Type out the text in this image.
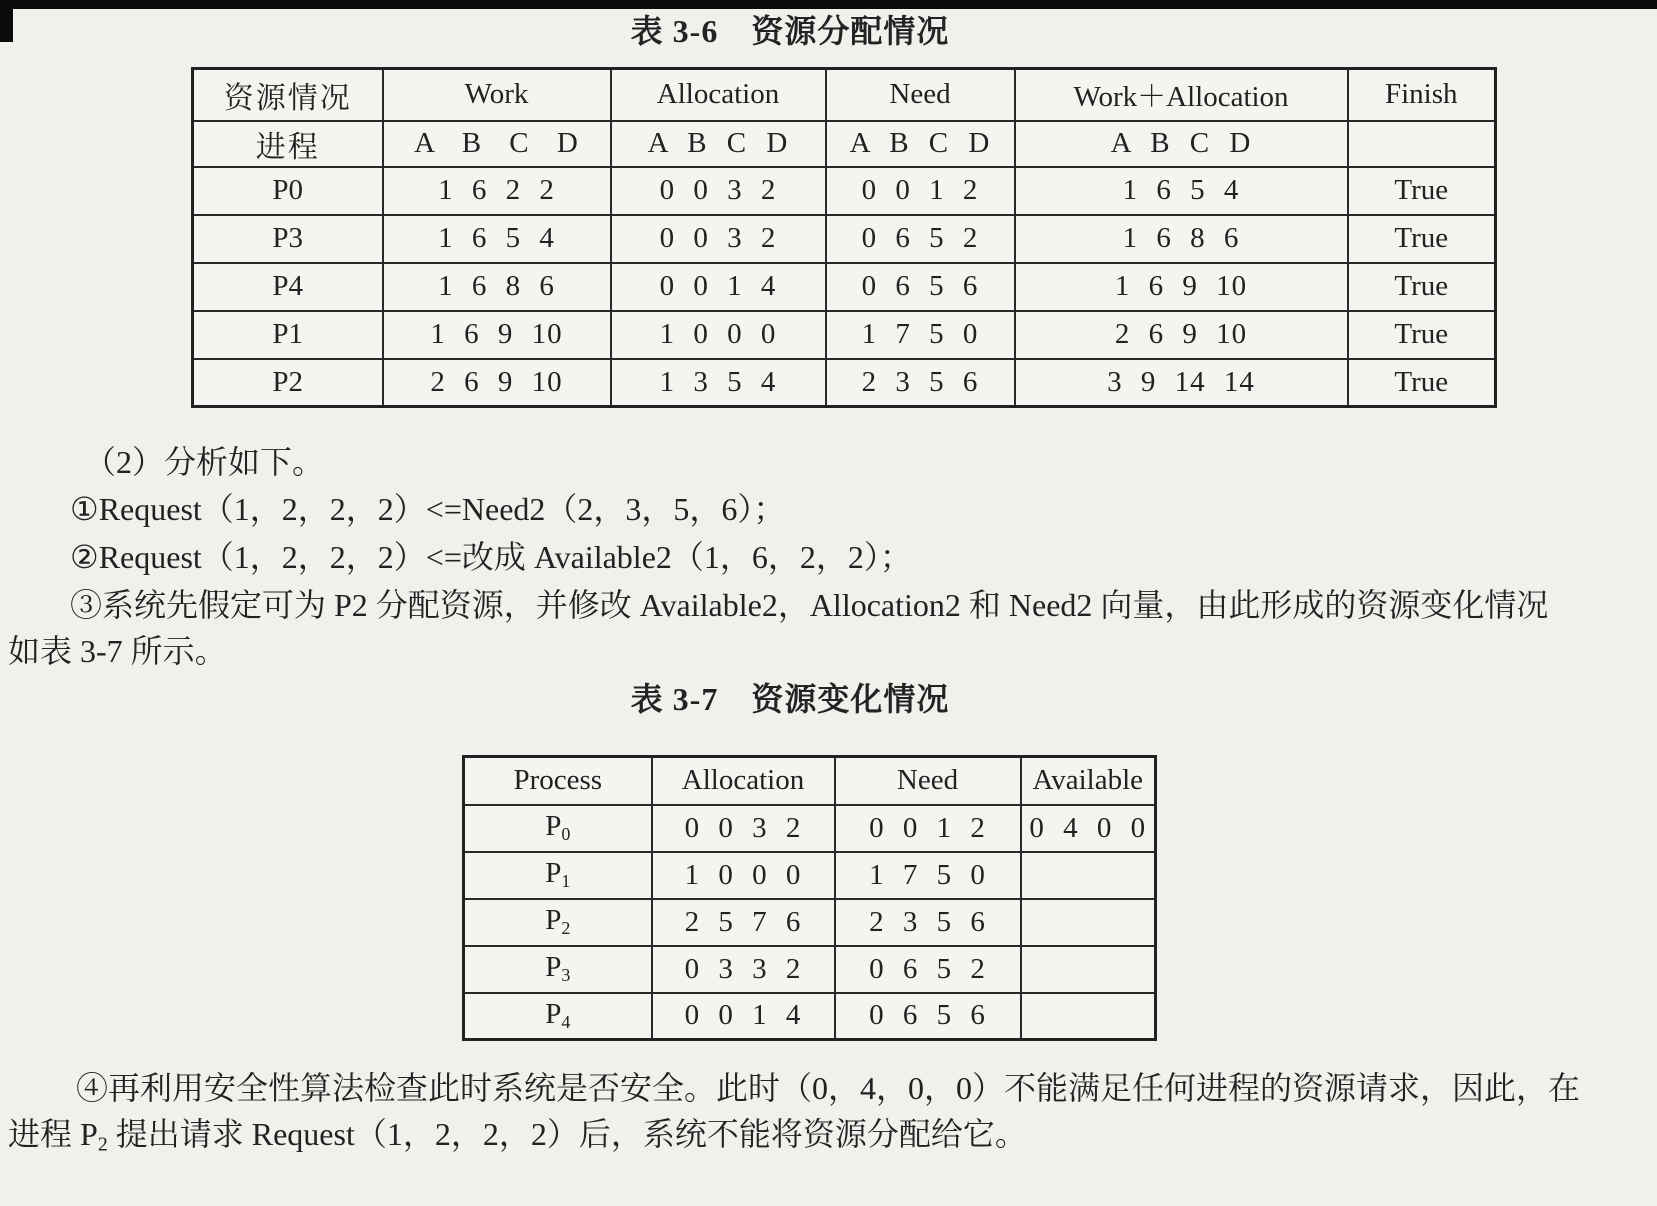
表 3-6　资源分配情况
资源情况	Work	Allocation	Need	Work＋Allocation	Finish
进程	A B C D	A B C D	A B C D	A B C D	
P0	1 6 2 2	0 0 3 2	0 0 1 2	1 6 5 4	True
P3	1 6 5 4	0 0 3 2	0 6 5 2	1 6 8 6	True
P4	1 6 8 6	0 0 1 4	0 6 5 6	1 6 9 10	True
P1	1 6 9 10	1 0 0 0	1 7 5 0	2 6 9 10	True
P2	2 6 9 10	1 3 5 4	2 3 5 6	3 9 14 14	True
（2）分析如下。
①Request（1，2，2，2）<=Need2（2，3，5，6）；
②Request（1，2，2，2）<=改成 Available2（1，6，2，2）；
③系统先假定可为 P2 分配资源，并修改 Available2，Allocation2 和 Need2 向量，由此形成的资源变化情况
如表 3-7 所示。
表 3-7　资源变化情况
Process	Allocation	Need	Available
$P_0$	0 0 3 2	0 0 1 2	0 4 0 0
$P_1$	1 0 0 0	1 7 5 0	
$P_2$	2 5 7 6	2 3 5 6	
$P_3$	0 3 3 2	0 6 5 2	
$P_4$	0 0 1 4	0 6 5 6	
④再利用安全性算法检查此时系统是否安全。此时（0，4，0，0）不能满足任何进程的资源请求，因此，在
进程 $P_2$ 提出请求 Request（1，2，2，2）后，系统不能将资源分配给它。
